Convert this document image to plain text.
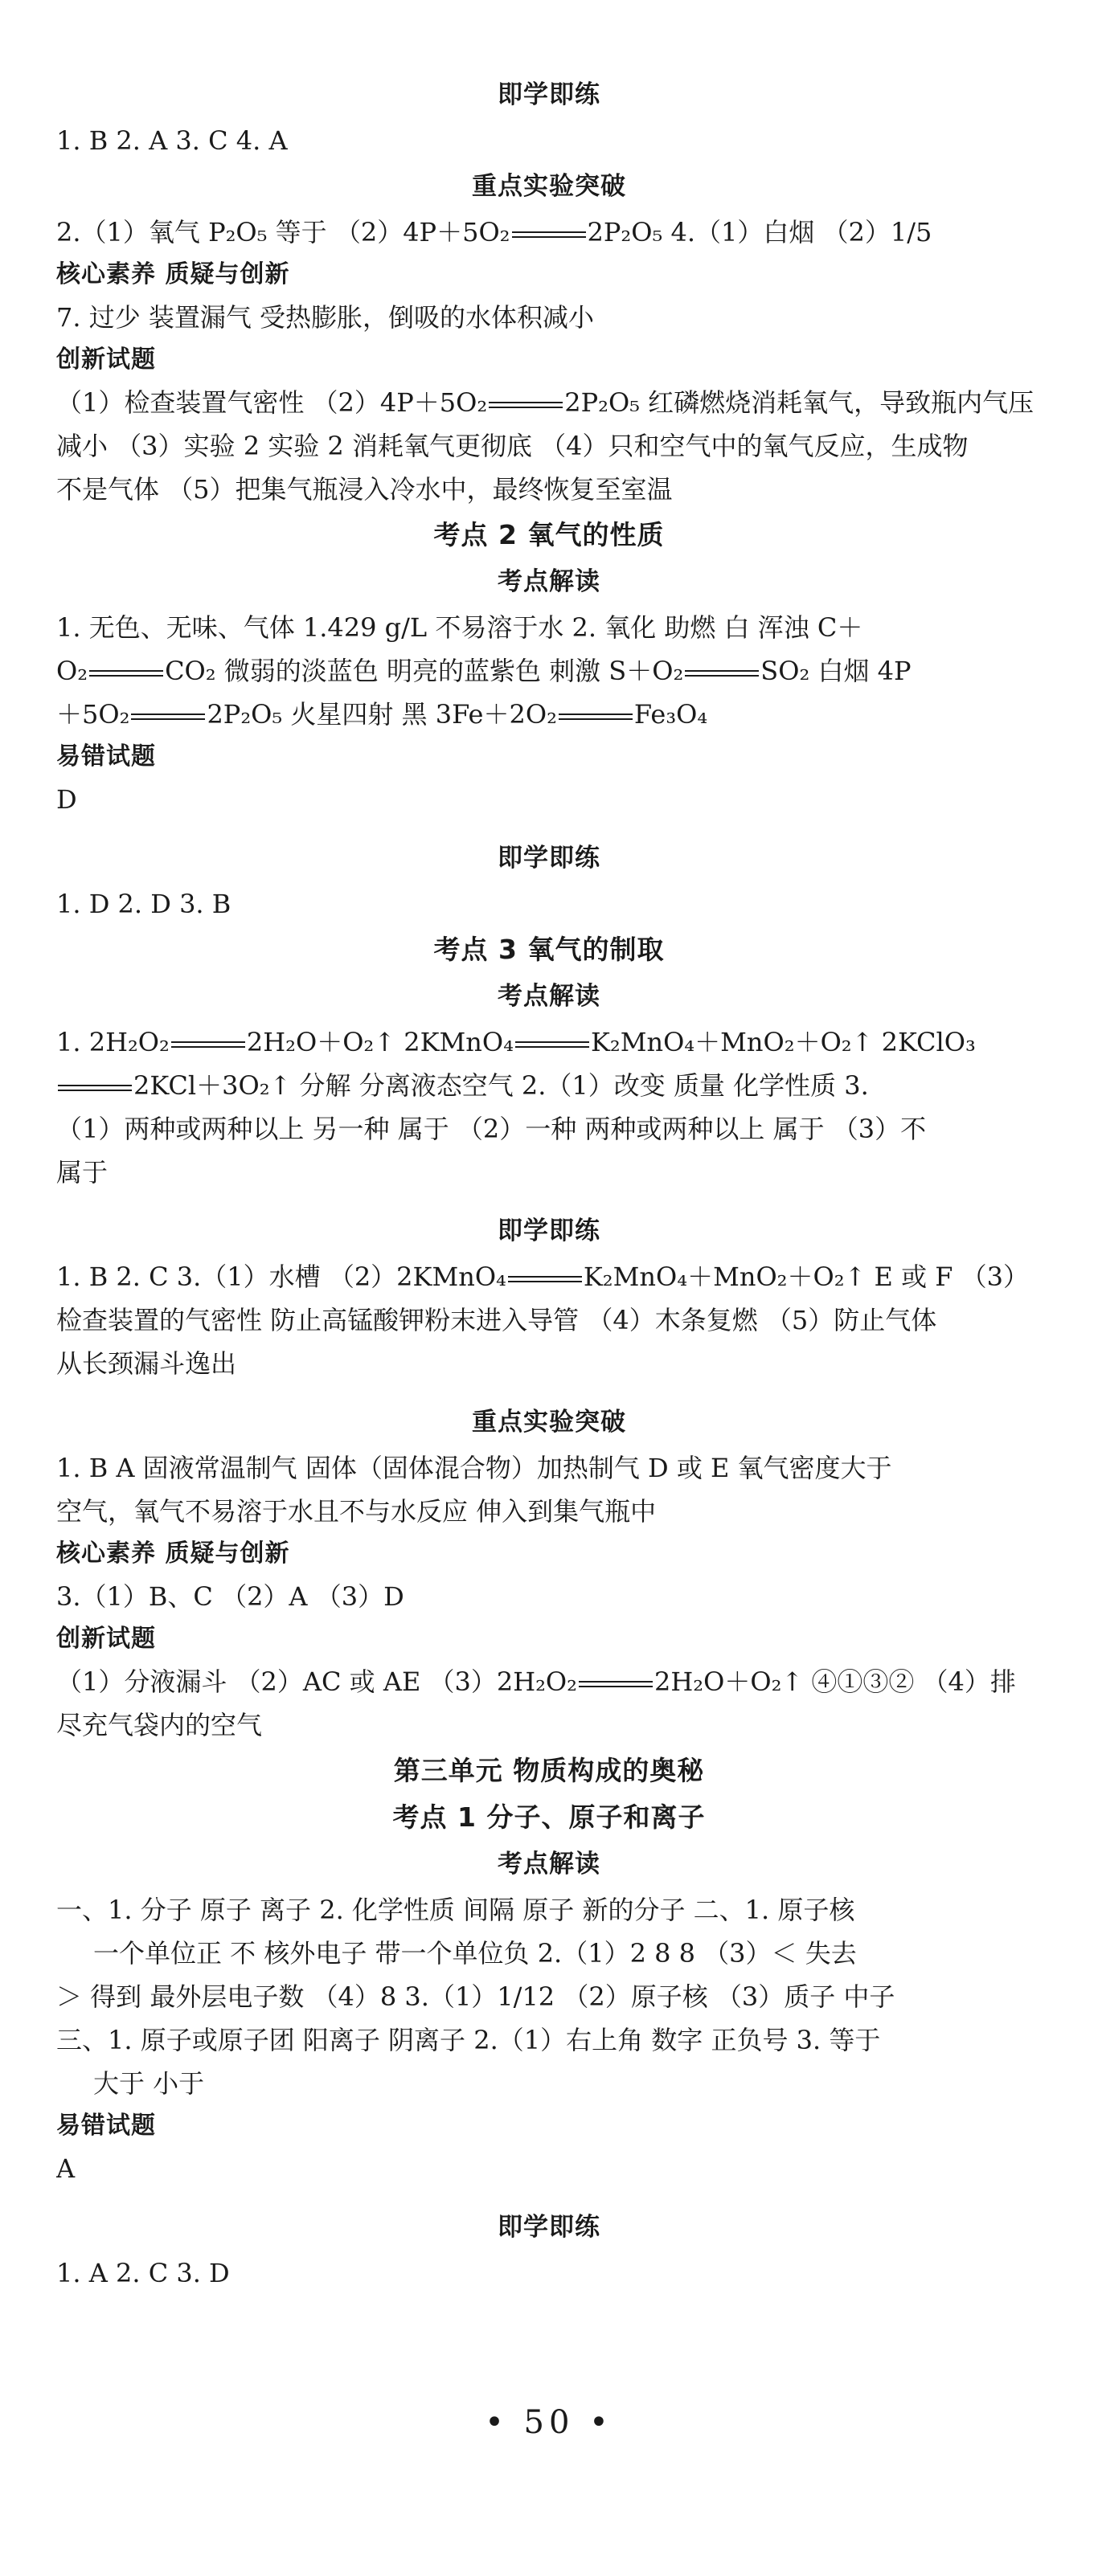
即学即练
1. B 2. A 3. C 4. A
重点实验突破
2.（1）氧气 P₂O₅ 等于 （2）4P＋5O₂	2P₂O₅ 4.（1）白烟 （2）1/5
核心素养 质疑与创新
7. 过少 装置漏气 受热膨胀，倒吸的水体积减小
创新试题
（1）检查装置气密性 （2）4P＋5O₂	2P₂O₅ 红磷燃烧消耗氧气，导致瓶内气压
减小 （3）实验 2 实验 2 消耗氧气更彻底 （4）只和空气中的氧气反应，生成物
不是气体 （5）把集气瓶浸入冷水中，最终恢复至室温
考点 2 氧气的性质
考点解读
1. 无色、无味、气体 1.429 g/L 不易溶于水 2. 氧化 助燃 白 浑浊 C＋
O₂	CO₂ 微弱的淡蓝色 明亮的蓝紫色 刺激 S＋O₂	SO₂ 白烟 4P
＋5O₂	2P₂O₅ 火星四射 黑 3Fe＋2O₂	Fe₃O₄
易错试题
D
即学即练
1. D 2. D 3. B
考点 3 氧气的制取
考点解读
1. 2H₂O₂	2H₂O＋O₂↑ 2KMnO₄	K₂MnO₄＋MnO₂＋O₂↑ 2KClO₃
2KCl＋3O₂↑ 分解 分离液态空气 2.（1）改变 质量 化学性质 3.
（1）两种或两种以上 另一种 属于 （2）一种 两种或两种以上 属于 （3）不
属于
即学即练
1. B 2. C 3.（1）水槽 （2）2KMnO₄	K₂MnO₄＋MnO₂＋O₂↑ E 或 F （3）
检查装置的气密性 防止高锰酸钾粉末进入导管 （4）木条复燃 （5）防止气体
从长颈漏斗逸出
重点实验突破
1. B A 固液常温制气 固体（固体混合物）加热制气 D 或 E 氧气密度大于
空气，氧气不易溶于水且不与水反应 伸入到集气瓶中
核心素养 质疑与创新
3.（1）B、C （2）A （3）D
创新试题
（1）分液漏斗 （2）AC 或 AE （3）2H₂O₂	2H₂O＋O₂↑ ④①③② （4）排
尽充气袋内的空气
第三单元 物质构成的奥秘
考点 1 分子、原子和离子
考点解读
一、1. 分子 原子 离子 2. 化学性质 间隔 原子 新的分子 二、1. 原子核
一个单位正 不 核外电子 带一个单位负 2.（1）2 8 8 （3）＜ 失去
＞ 得到 最外层电子数 （4）8 3.（1）1/12 （2）原子核 （3）质子 中子
三、1. 原子或原子团 阳离子 阴离子 2.（1）右上角 数字 正负号 3. 等于
大于 小于
易错试题
A
即学即练
1. A 2. C 3. D
• 50 •
